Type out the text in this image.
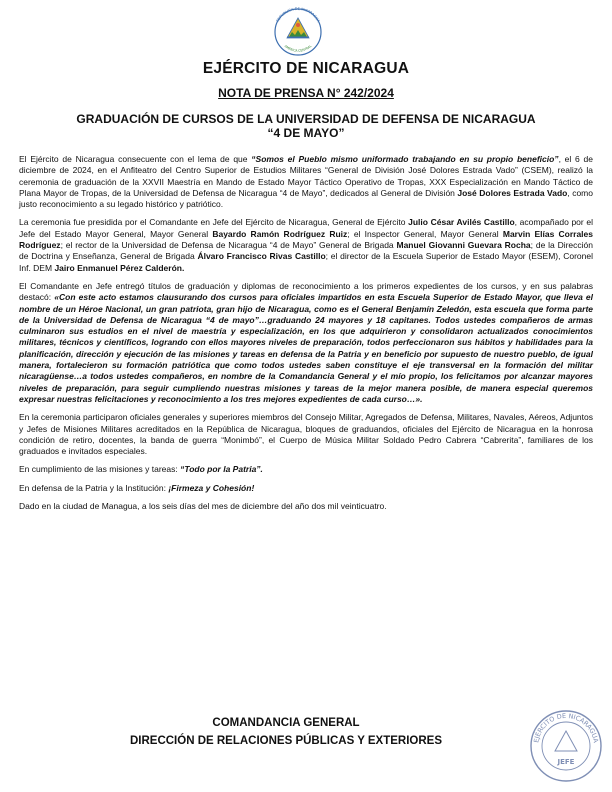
REPUBLICA DE NICARAGUA
AMERICA CENTRAL
EJÉRCITO DE NICARAGUA
NOTA DE PRENSA N° 242/2024
GRADUACIÓN DE CURSOS DE LA UNIVERSIDAD DE DEFENSA DE NICARAGUA
“4 DE MAYO”

El Ejército de Nicaragua consecuente con el lema de que “Somos el Pueblo mismo uniformado trabajando en su propio beneficio”, el 6 de diciembre de 2024, en el Anfiteatro del Centro Superior de Estudios Militares “General de División José Dolores Estrada Vado” (CSEM), realizó la ceremonia de graduación de la XXVII Maestría en Mando de Estado Mayor Táctico Operativo de Tropas, XXX Especialización en Mando Táctico de Plana Mayor de Tropas, de la Universidad de Defensa de Nicaragua “4 de Mayo”, dedicados al General de División José Dolores Estrada Vado, como justo reconocimiento a su legado histórico y patriótico.

La ceremonia fue presidida por el Comandante en Jefe del Ejército de Nicaragua, General de Ejército Julio César Avilés Castillo, acompañado por el Jefe del Estado Mayor General, Mayor General Bayardo Ramón Rodríguez Ruiz; el Inspector General, Mayor General Marvin Elías Corrales Rodríguez; el rector de la Universidad de Defensa de Nicaragua “4 de Mayo” General de Brigada Manuel Giovanni Guevara Rocha; de la Dirección de Doctrina y Enseñanza, General de Brigada Álvaro Francisco Rivas Castillo; el director de la Escuela Superior de Estado Mayor (ESEM), Coronel Inf. DEM Jairo Enmanuel Pérez Calderón.

El Comandante en Jefe entregó títulos de graduación y diplomas de reconocimiento a los primeros expedientes de los cursos, y en sus palabras destacó: «Con este acto estamos clausurando dos cursos para oficiales impartidos en esta Escuela Superior de Estado Mayor, que lleva el nombre de un Héroe Nacional, un gran patriota, gran hijo de Nicaragua, como es el General Benjamín Zeledón, esta escuela que forma parte de la Universidad de Defensa de Nicaragua “4 de mayo”…graduando 24 mayores y 18 capitanes. Todos ustedes compañeros de armas culminaron sus estudios en el nivel de maestría y especialización, en los que adquirieron y consolidaron actualizados conocimientos militares, técnicos y científicos, logrando con ellos mayores niveles de preparación, todos perfeccionaron sus hábitos y habilidades para la planificación, dirección y ejecución de las misiones y tareas en defensa de la Patria y en beneficio por supuesto de nuestro pueblo, de igual manera, fortalecieron su formación patriótica que como todos ustedes saben constituye el eje transversal en la formación del militar nicaragüense…a todos ustedes compañeros, en nombre de la Comandancia General y el mío propio, los felicitamos por alcanzar mayores niveles de preparación, para seguir cumpliendo nuestras misiones y tareas de la mejor manera posible, de manera especial queremos expresar nuestras felicitaciones y reconocimiento a los tres mejores expedientes de cada curso…».

En la ceremonia participaron oficiales generales y superiores miembros del Consejo Militar, Agregados de Defensa, Militares, Navales, Aéreos, Adjuntos y Jefes de Misiones Militares acreditados en la República de Nicaragua, bloques de graduandos, oficiales del Ejército de Nicaragua en la honrosa condición de retiro, docentes, la banda de guerra “Monimbó”, el Cuerpo de Música Militar Soldado Pedro Cabrera “Cabrerita”, familiares de los graduados e invitados especiales.

En cumplimiento de las misiones y tareas: “Todo por la Patria”.

En defensa de la Patria y la Institución: ¡Firmeza y Cohesión!

Dado en la ciudad de Managua, a los seis días del mes de diciembre del año dos mil veinticuatro.

COMANDANCIA GENERAL
DIRECCIÓN DE RELACIONES PÚBLICAS Y EXTERIORES	EJÉRCITO DE NICARAGUA
JEFE
